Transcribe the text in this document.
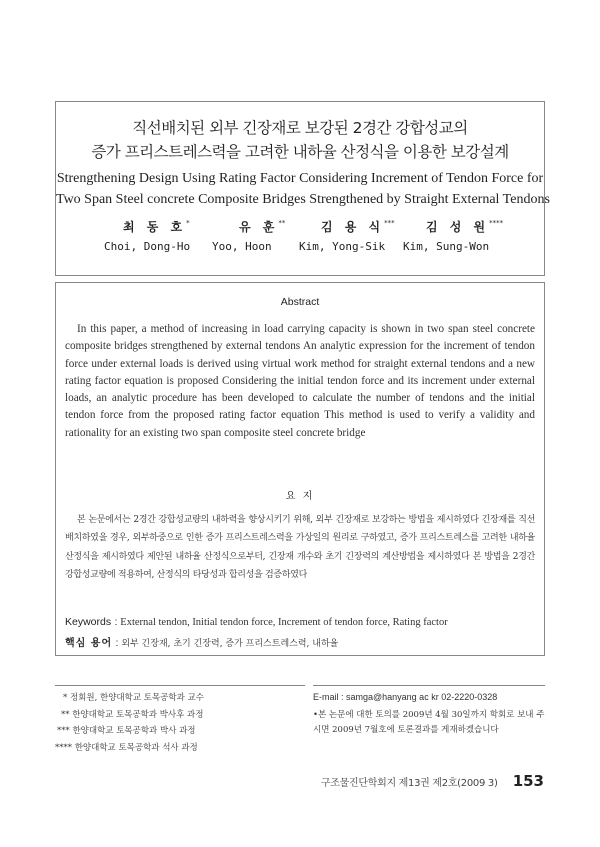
직선배치된 외부 긴장재로 보강된 2경간 강합성교의
증가 프리스트레스력을 고려한 내하율 산정식을 이용한 보강설계
Strengthening Design Using Rating Factor Considering Increment of Tendon Force for
Two Span Steel concrete Composite Bridges Strengthened by Straight External Tendons
최 동 호*	유 훈**	김 용 식***	김 성 원****
Choi, Dong-Ho Yoo, Hoon Kim, Yong-Sik Kim, Sung-Won
Abstract

In this paper, a method of increasing in load carrying capacity is shown in two span steel concrete composite bridges strengthened by external tendons An analytic expression for the increment of tendon force under external loads is derived using virtual work method for straight external tendons and a new rating factor equation is proposed Considering the initial tendon force and its increment under external loads, an analytic procedure has been developed to calculate the number of tendons and the initial tendon force from the proposed rating factor equation This method is used to verify a validity and rationality for an existing two span composite steel concrete bridge

요 지

본 논문에서는 2경간 강합성교량의 내하력을 향상시키기 위해, 외부 긴장재로 보강하는 방법을 제시하였다 긴장재를 직선 배치하였을 경우, 외부하중으로 인한 증가 프리스트레스력을 가상일의 원리로 구하였고, 증가 프리스트레스를 고려한 내하율 산정식을 제시하였다 제안된 내하율 산정식으로부터, 긴장재 개수와 초기 긴장력의 계산방법을 제시하였다 본 방법을 2경간 강합성교량에 적용하여, 산정식의 타당성과 합리성을 검증하였다

Keywords : External tendon, Initial tendon force, Increment of tendon force, Rating factor
핵심 용어 : 외부 긴장재, 초기 긴장력, 증가 프리스트레스력, 내하율
* 정회원, 한양대학교 토목공학과 교수
** 한양대학교 토목공학과 박사후 과정
*** 한양대학교 토목공학과 박사 과정
**** 한양대학교 토목공학과 석사 과정
E-mail : samga@hanyang ac kr 02-2220-0328
•본 논문에 대한 토의를 2009년 4월 30일까지 학회로 보내 주시면 2009년 7월호에 토론결과를 게재하겠습니다
구조물진단학회지 제13권 제2호(2009 3) 153
